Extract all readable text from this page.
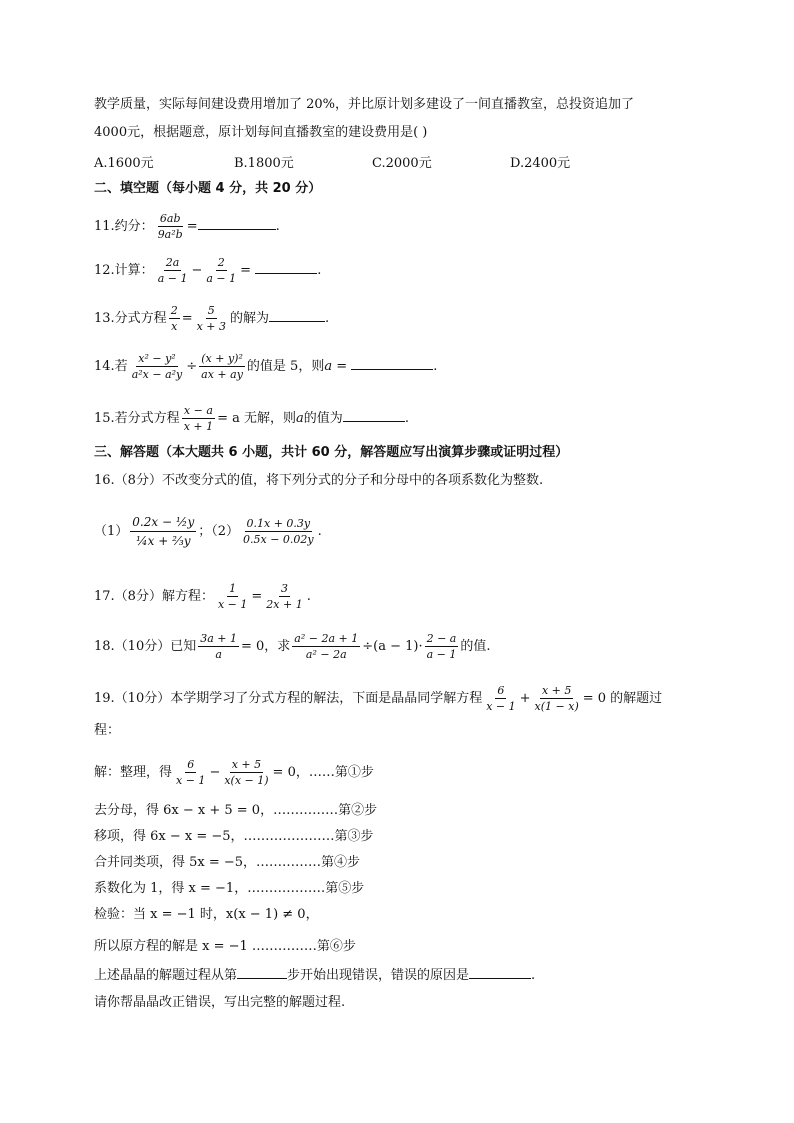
教学质量，实际每间建设费用增加了 20%，并比原计划多建设了一间直播教室，总投资追加了
4000元，根据题意，原计划每间直播教室的建设费用是( )
A.1600元	B.1800元	C.2000元	D.2400元
二、填空题（每小题 4 分，共 20 分）
11.约分： $\frac{6ab}{\text{9a²b}}$ =	.
12.计算： $\frac{2a}{a - 1} - \frac{2}{a - 1}$ =	.
13.分式方程 $\frac{2}{x} = \frac{5}{x + 3}$ 的解为	.
14.若 $\frac{\text{x² − y²}}{\text{a²x − a²y}} \div \frac{\text{(x + y)²}}{ax + ay}$ 的值是 5，则a =	.
15.若分式方程 $\frac{x - a}{x + 1} = a$ 无解，则a的值为	.
三、解答题（本大题共 6 小题，共计 60 分，解答题应写出演算步骤或证明过程）
16.（8分）不改变分式的值，将下列分式的分子和分母中的各项系数化为整数.
$(1) \frac{\text{0.2x − ½y}}{\text{¼x + ⅔y}}$ ；$(2) \frac{0.1x + 0.3y}{0.5x - 0.02y}$ .
17.（8分）解方程： $\frac{1}{x - 1} = \frac{3}{2x + 1}$ .
18.（10分）已知 $\frac{3a + 1}{a} = 0$，求 $\frac{\text{a² − 2a + 1}}{\text{a² − 2a}} \div(a - 1)\cdot \frac{2 - a}{a - 1}$ 的值.
19.（10分）本学期学习了分式方程的解法，下面是晶晶同学解方程 $\frac{6}{x - 1} + \frac{x + 5}{x(1 - x)} = 0$ 的解题过
程：
解：整理，得 $\frac{6}{x - 1} - \frac{x + 5}{x(x - 1)} = 0$，……第①步
去分母，得 6x − x + 5 = 0，……………第②步
移项，得 6x − x = −5，…………………第③步
合并同类项，得 5x = −5，……………第④步
系数化为 1，得 x = −1，………………第⑤步
检验：当 x = −1 时，x(x − 1) ≠ 0，
所以原方程的解是 x = −1 ……………第⑥步
上述晶晶的解题过程从第	步开始出现错误，错误的原因是	.
请你帮晶晶改正错误，写出完整的解题过程.
